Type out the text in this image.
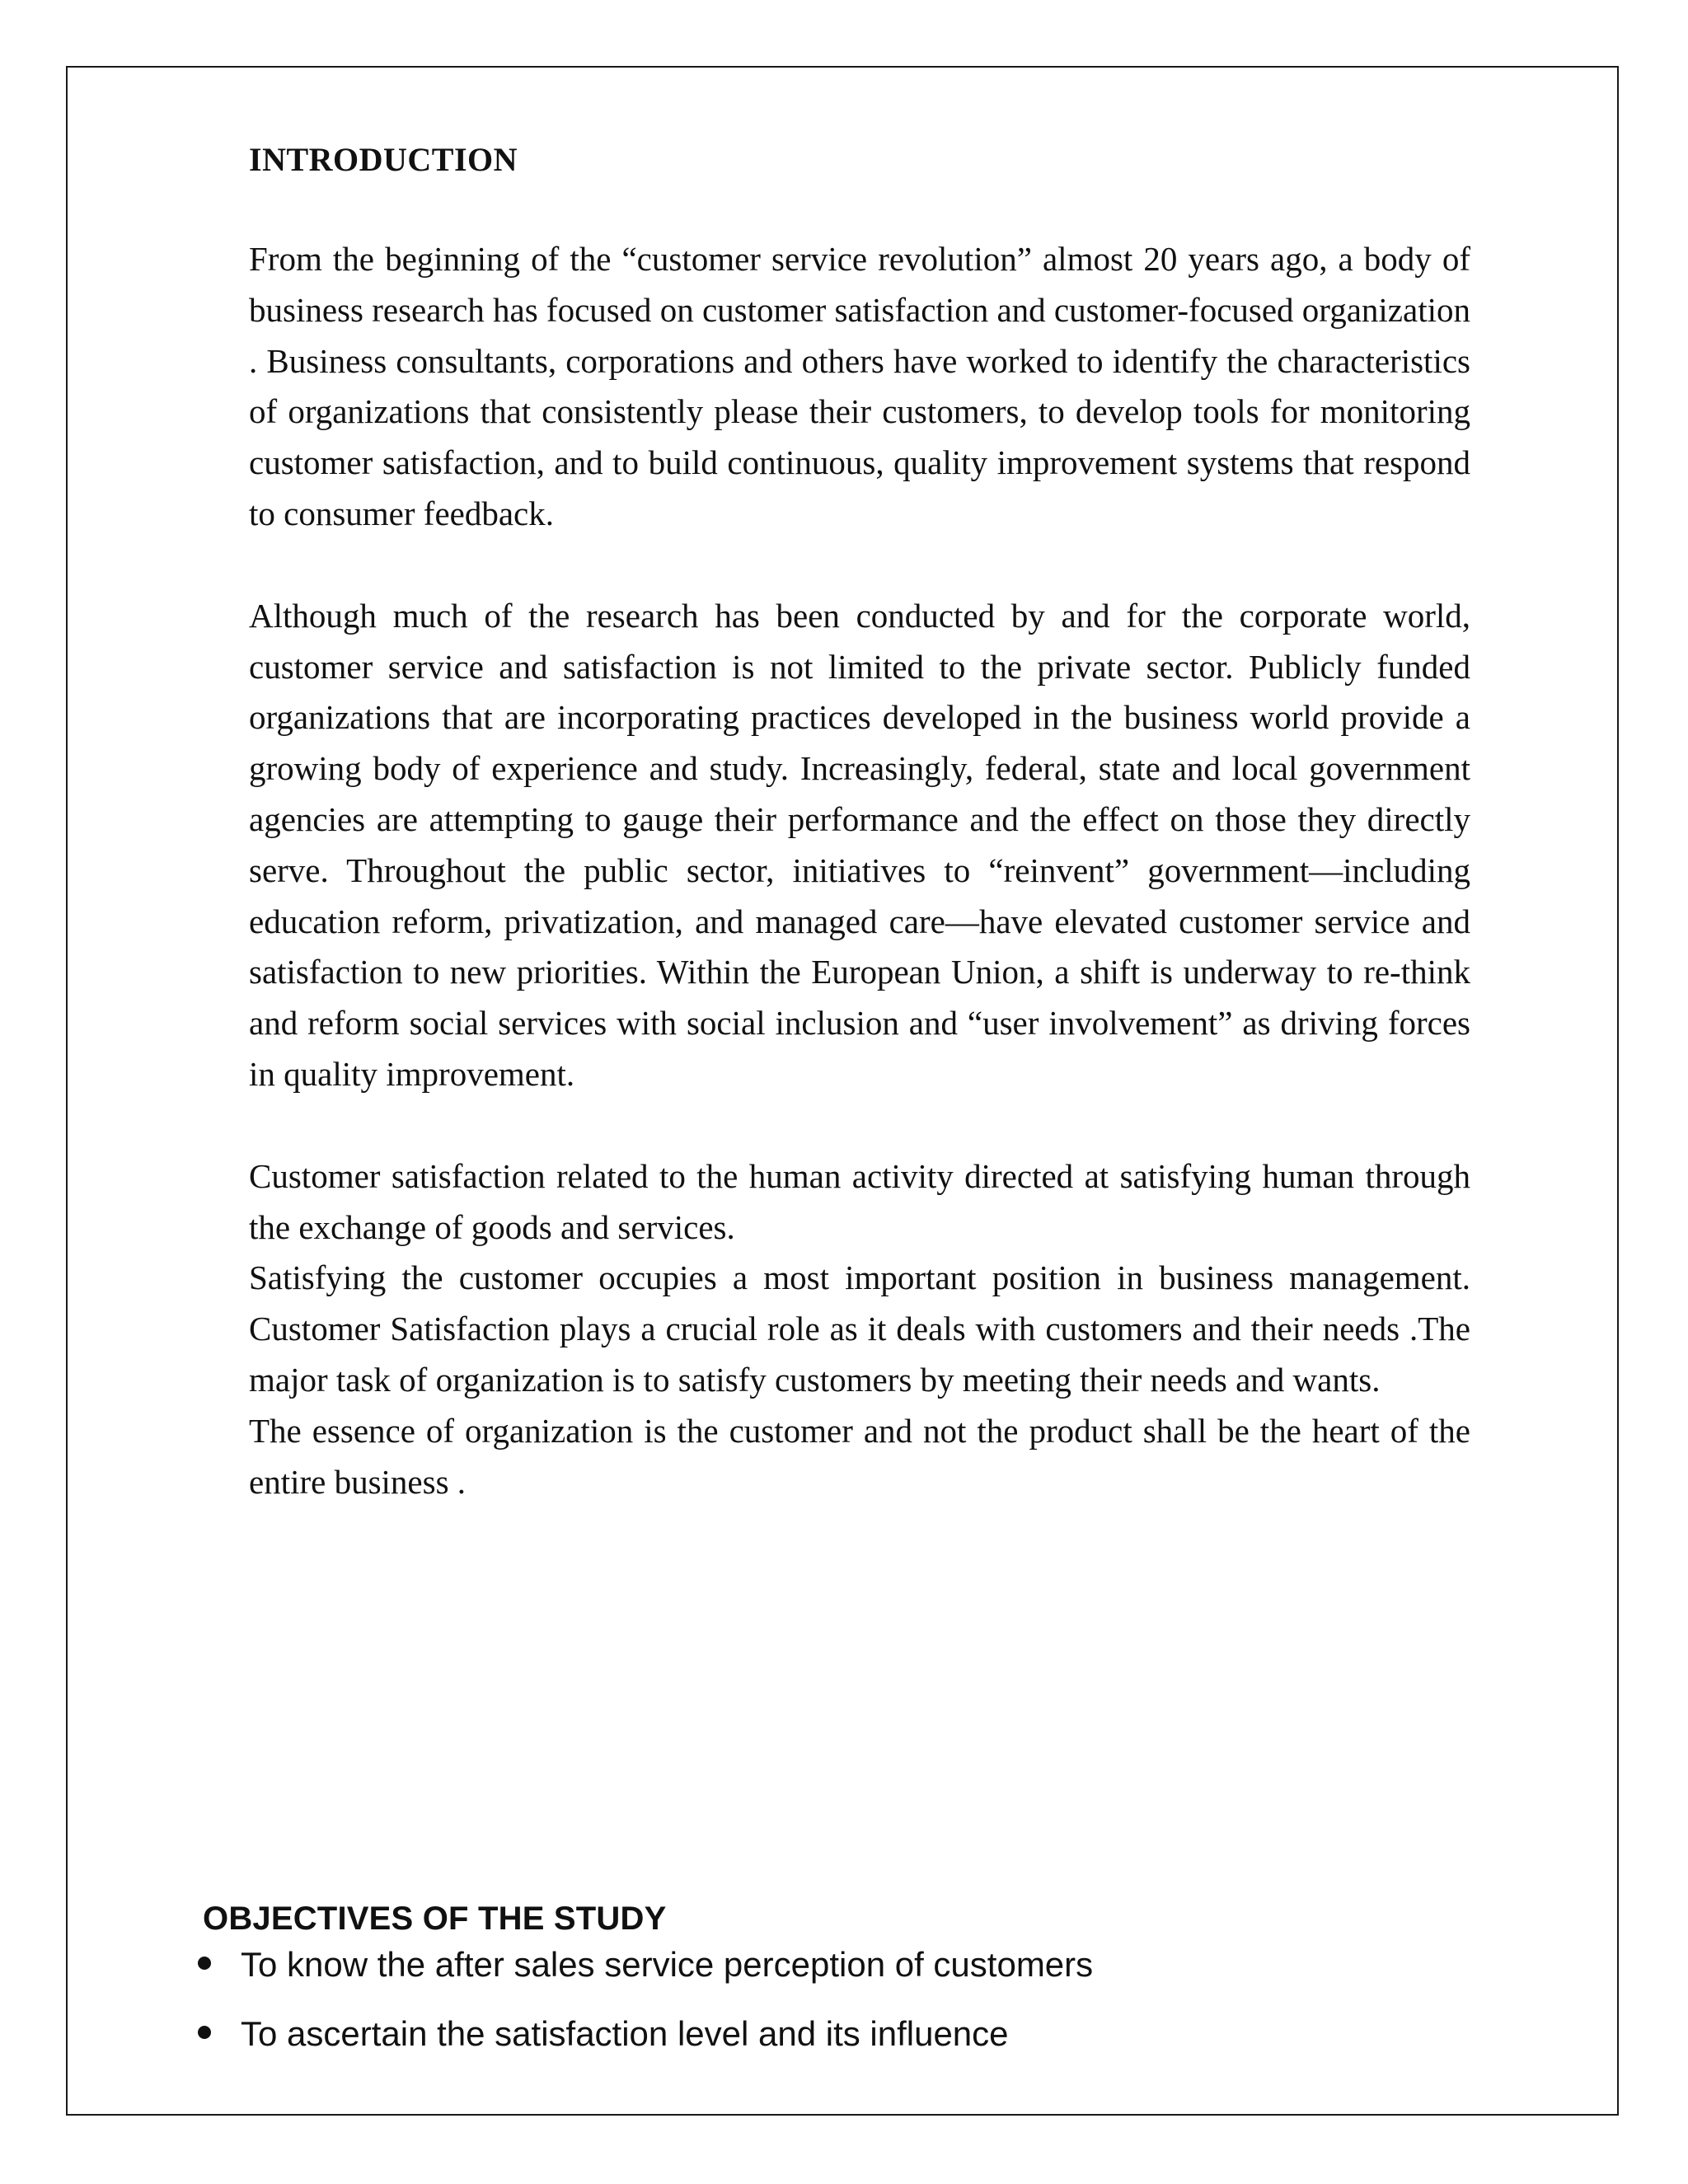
INTRODUCTION

From the beginning of the “customer service revolution” almost 20 years ago, a body of business research has focused on customer satisfaction and customer-focused organization . Business consultants, corporations and others have worked to identify the characteristics of organizations that consistently please their customers, to develop tools for monitoring customer satisfaction, and to build continuous, quality improvement systems that respond to consumer feedback.

Although much of the research has been conducted by and for the corporate world, customer service and satisfaction is not limited to the private sector. Publicly funded organizations that are incorporating practices developed in the business world provide a growing body of experience and study. Increasingly, federal, state and local government agencies are attempting to gauge their performance and the effect on those they directly serve. Throughout the public sector, initiatives to “reinvent” government—including education reform, privatization, and managed care—have elevated customer service and satisfaction to new priorities. Within the European Union, a shift is underway to re-think and reform social services with social inclusion and “user involvement” as driving forces in quality improvement.

Customer satisfaction related to the human activity directed at satisfying human through the exchange of goods and services.

Satisfying the customer occupies a most important position in business management. Customer Satisfaction plays a crucial role as it deals with customers and their needs .The major task of organization is to satisfy customers by meeting their needs and wants.

The essence of organization is the customer and not the product shall be the heart of the entire business .

OBJECTIVES OF THE STUDY
To know the after sales service perception of customers
To ascertain the satisfaction level and its influence
